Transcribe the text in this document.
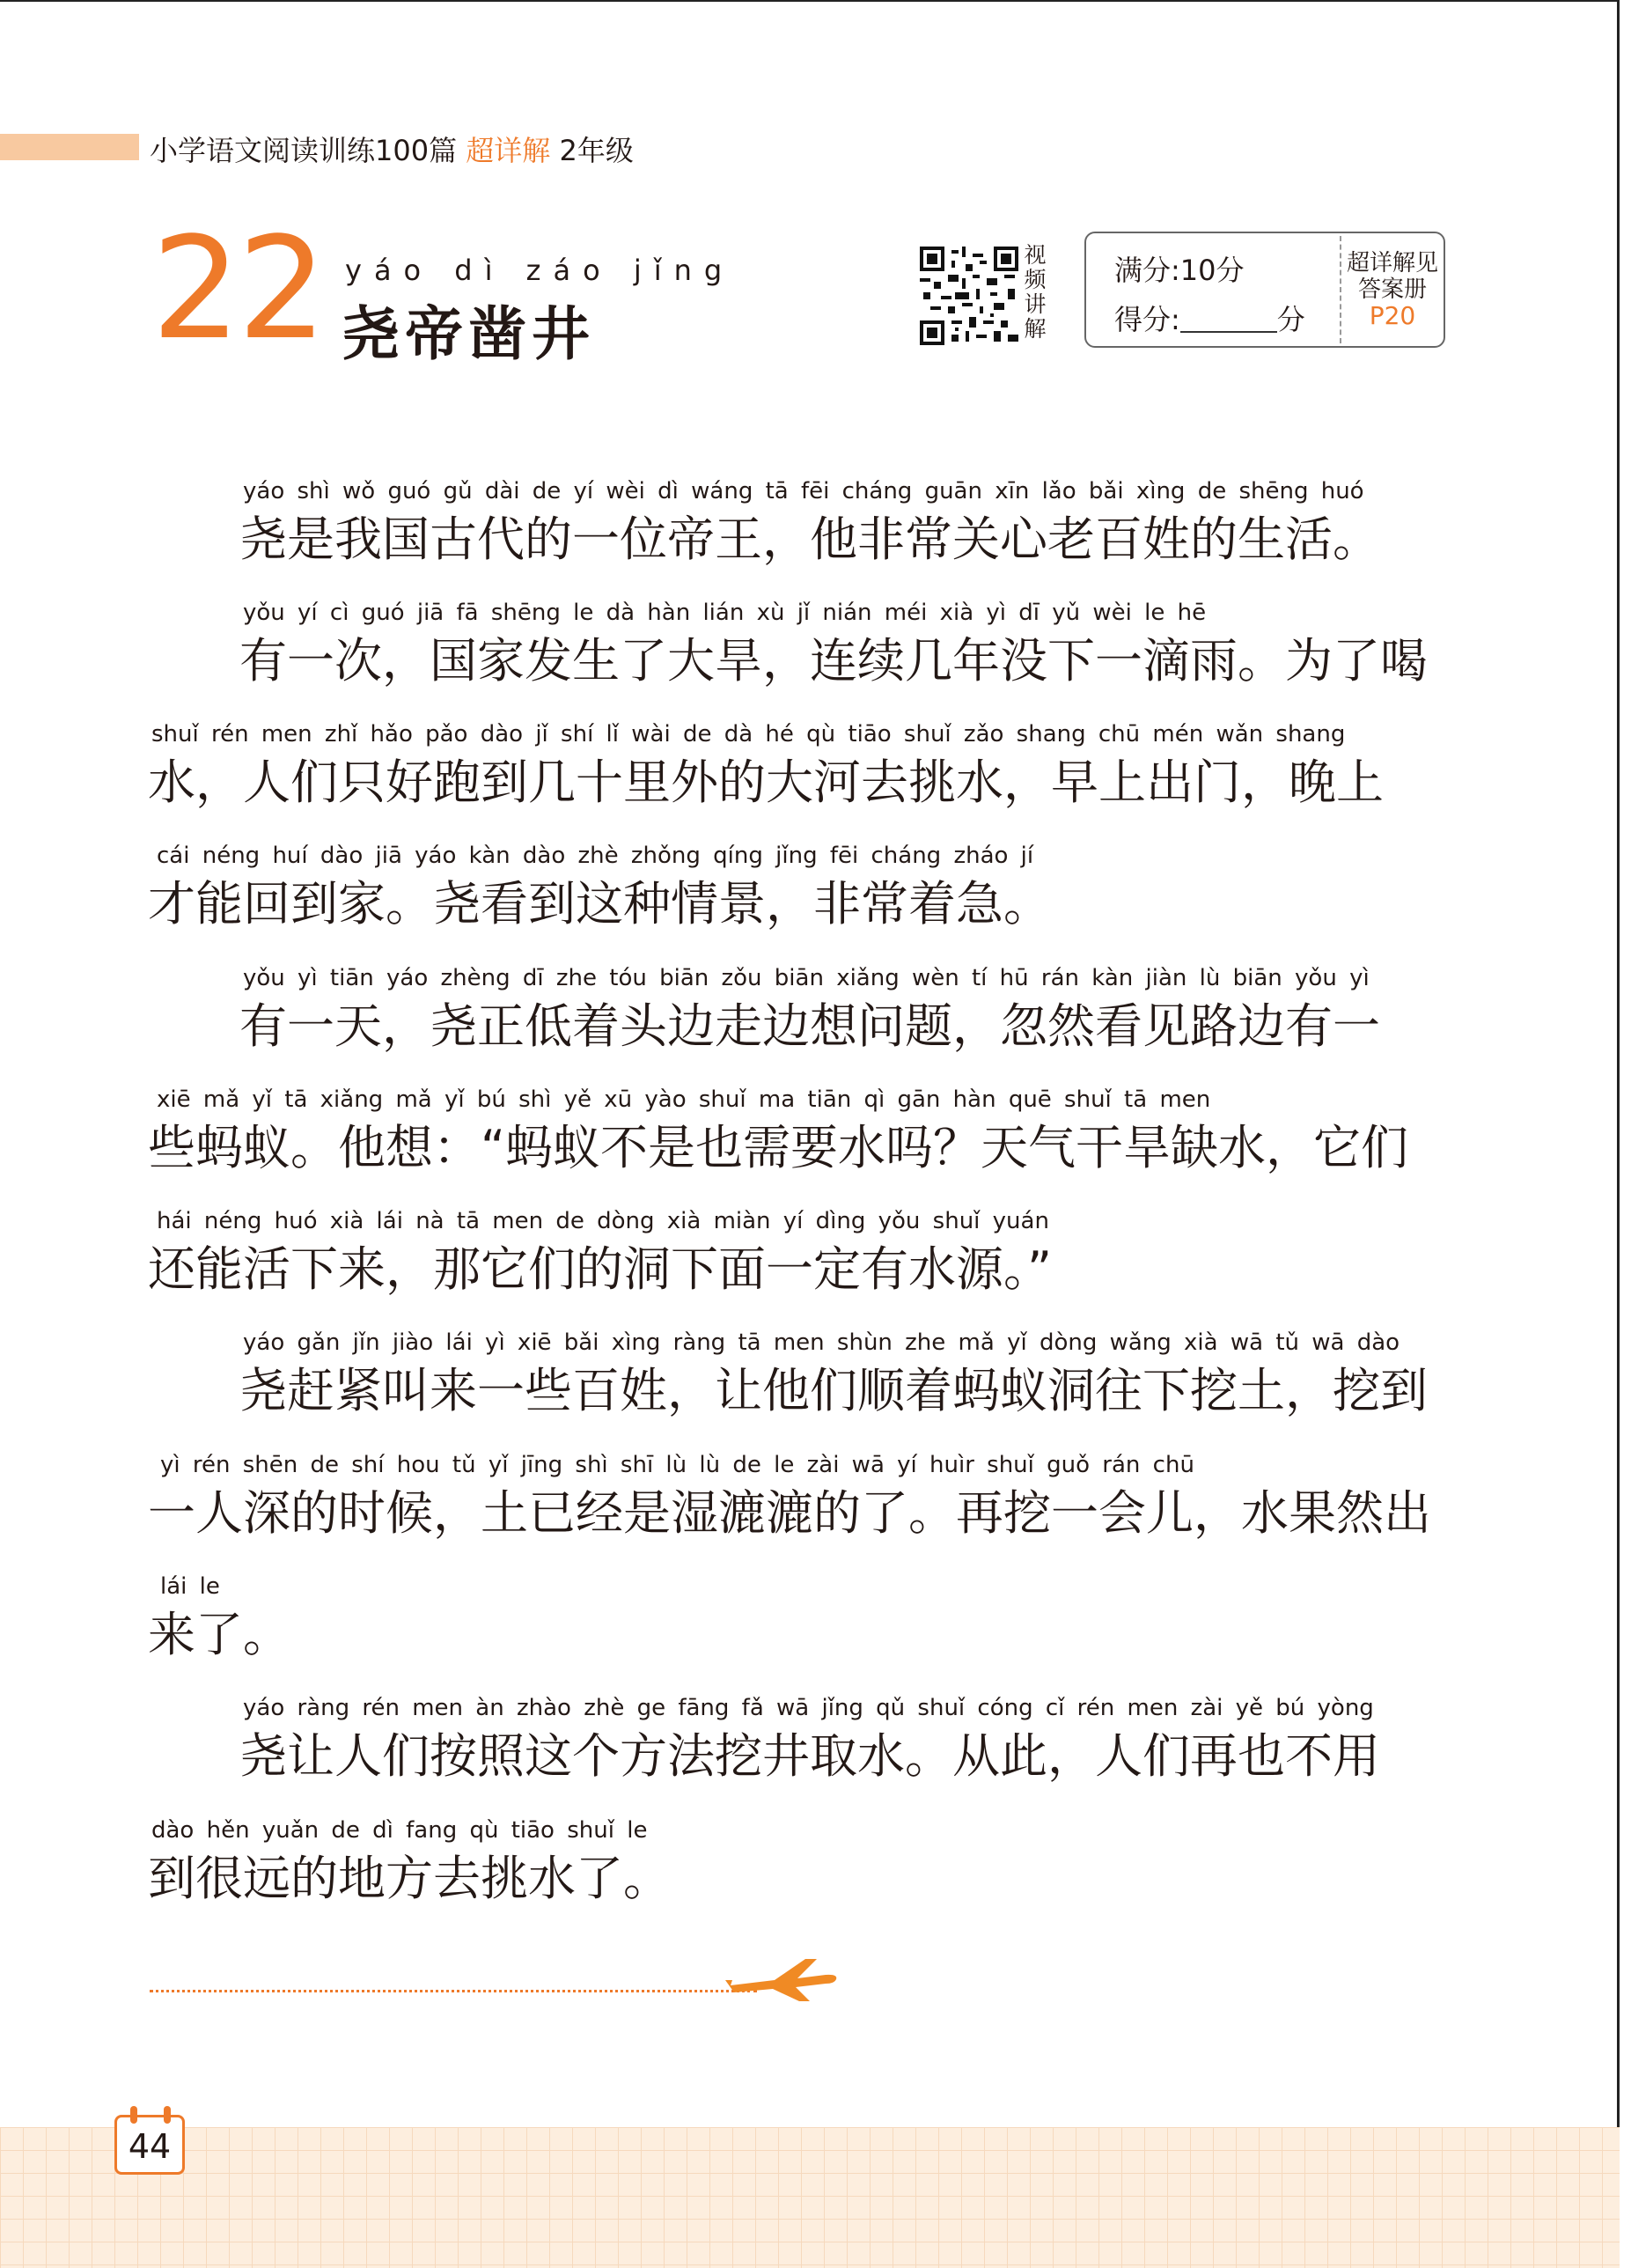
小学语文阅读训练100篇 超详解 2年级
22 yáo dì záo jǐng
尧帝凿井
视
频
讲
解
满分:10分
得分:	分
超详解见
答案册
P20
yáo shì wǒ guó gǔ dài de yí wèi dì wáng tā fēi cháng guān xīn lǎo bǎi xìng de shēng huó
尧是我国古代的一位帝王，他非常关心老百姓的生活。
yǒu yí cì guó jiā fā shēng le dà hàn lián xù jǐ nián méi xià yì dī yǔ wèi le hē
有一次，国家发生了大旱，连续几年没下一滴雨。为了喝
shuǐ rén men zhǐ hǎo pǎo dào jǐ shí lǐ wài de dà hé qù tiāo shuǐ zǎo shang chū mén wǎn shang
水，人们只好跑到几十里外的大河去挑水，早上出门，晚上
cái néng huí dào jiā yáo kàn dào zhè zhǒng qíng jǐng fēi cháng zháo jí
才能回到家。尧看到这种情景，非常着急。
yǒu yì tiān yáo zhèng dī zhe tóu biān zǒu biān xiǎng wèn tí hū rán kàn jiàn lù biān yǒu yì
有一天，尧正低着头边走边想问题，忽然看见路边有一
xiē mǎ yǐ tā xiǎng mǎ yǐ bú shì yě xū yào shuǐ ma tiān qì gān hàn quē shuǐ tā men
些蚂蚁。他想：“蚂蚁不是也需要水吗？天气干旱缺水，它们
hái néng huó xià lái nà tā men de dòng xià miàn yí dìng yǒu shuǐ yuán
还能活下来，那它们的洞下面一定有水源。”
yáo gǎn jǐn jiào lái yì xiē bǎi xìng ràng tā men shùn zhe mǎ yǐ dòng wǎng xià wā tǔ wā dào
尧赶紧叫来一些百姓，让他们顺着蚂蚁洞往下挖土，挖到
yì rén shēn de shí hou tǔ yǐ jīng shì shī lù lù de le zài wā yí huìr shuǐ guǒ rán chū
一人深的时候，土已经是湿漉漉的了。再挖一会儿，水果然出
lái le
来了。
yáo ràng rén men àn zhào zhè ge fāng fǎ wā jǐng qǔ shuǐ cóng cǐ rén men zài yě bú yòng
尧让人们按照这个方法挖井取水。从此，人们再也不用
dào hěn yuǎn de dì fang qù tiāo shuǐ le
到很远的地方去挑水了。
44
